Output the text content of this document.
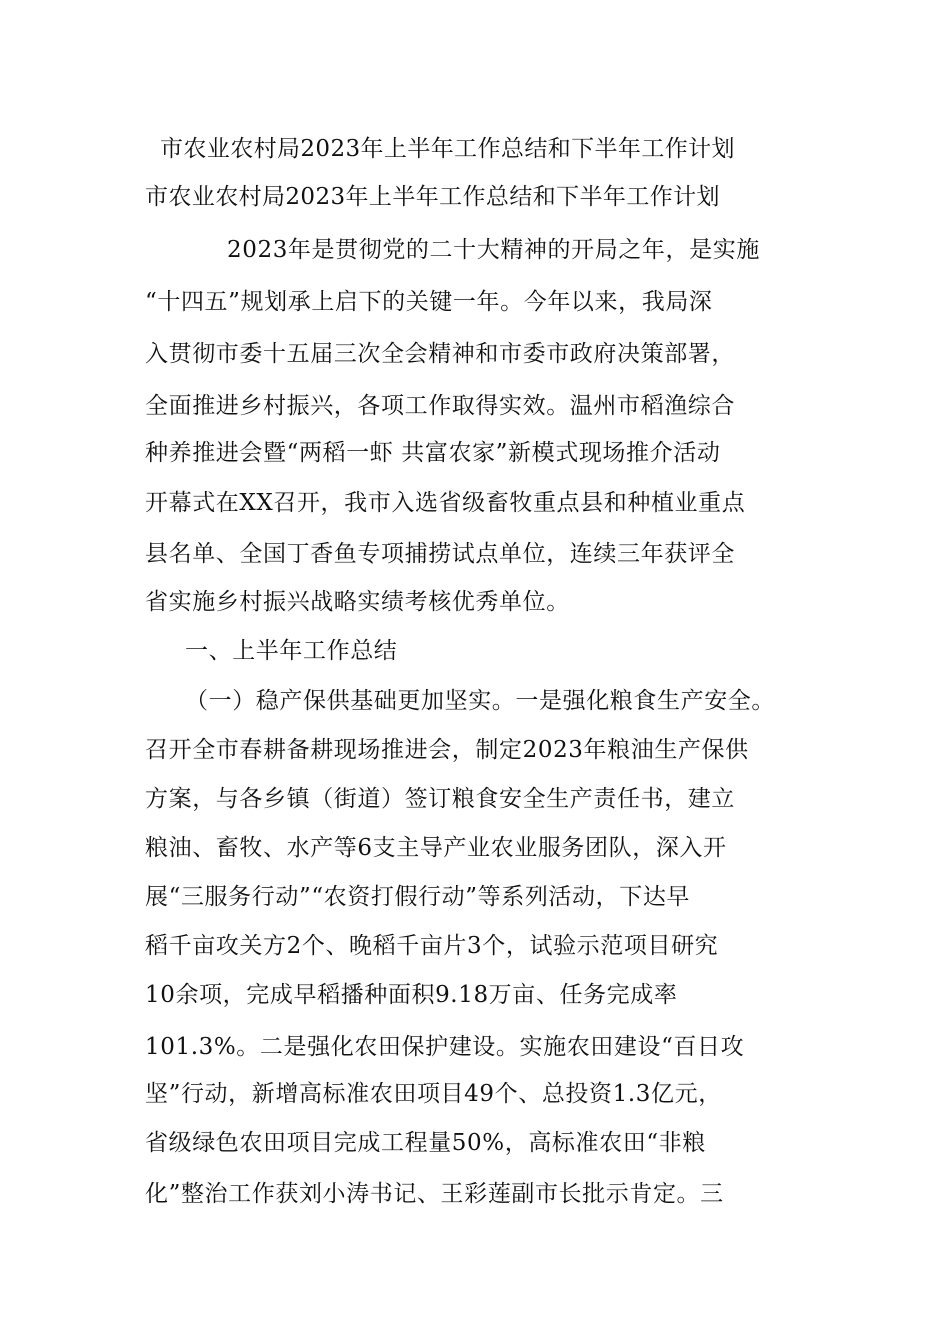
市农业农村局2023年上半年工作总结和下半年工作计划
市农业农村局2023年上半年工作总结和下半年工作计划
2023年是贯彻党的二十大精神的开局之年，是实施
“十四五”规划承上启下的关键一年。今年以来，我局深
入贯彻市委十五届三次全会精神和市委市政府决策部署，
全面推进乡村振兴，各项工作取得实效。温州市稻渔综合
种养推进会暨“两稻一虾 共富农家”新模式现场推介活动
开幕式在XX召开，我市入选省级畜牧重点县和种植业重点
县名单、全国丁香鱼专项捕捞试点单位，连续三年获评全
省实施乡村振兴战略实绩考核优秀单位。
一、上半年工作总结
（一）稳产保供基础更加坚实。一是强化粮食生产安全。
召开全市春耕备耕现场推进会，制定2023年粮油生产保供
方案，与各乡镇（街道）签订粮食安全生产责任书，建立
粮油、畜牧、水产等6支主导产业农业服务团队，深入开
展“三服务行动”“农资打假行动”等系列活动，下达早
稻千亩攻关方2个、晚稻千亩片3个，试验示范项目研究
10余项，完成早稻播种面积9.18万亩、任务完成率
101.3%。二是强化农田保护建设。实施农田建设“百日攻
坚”行动，新增高标准农田项目49个、总投资1.3亿元，
省级绿色农田项目完成工程量50%，高标准农田“非粮
化”整治工作获刘小涛书记、王彩莲副市长批示肯定。三
